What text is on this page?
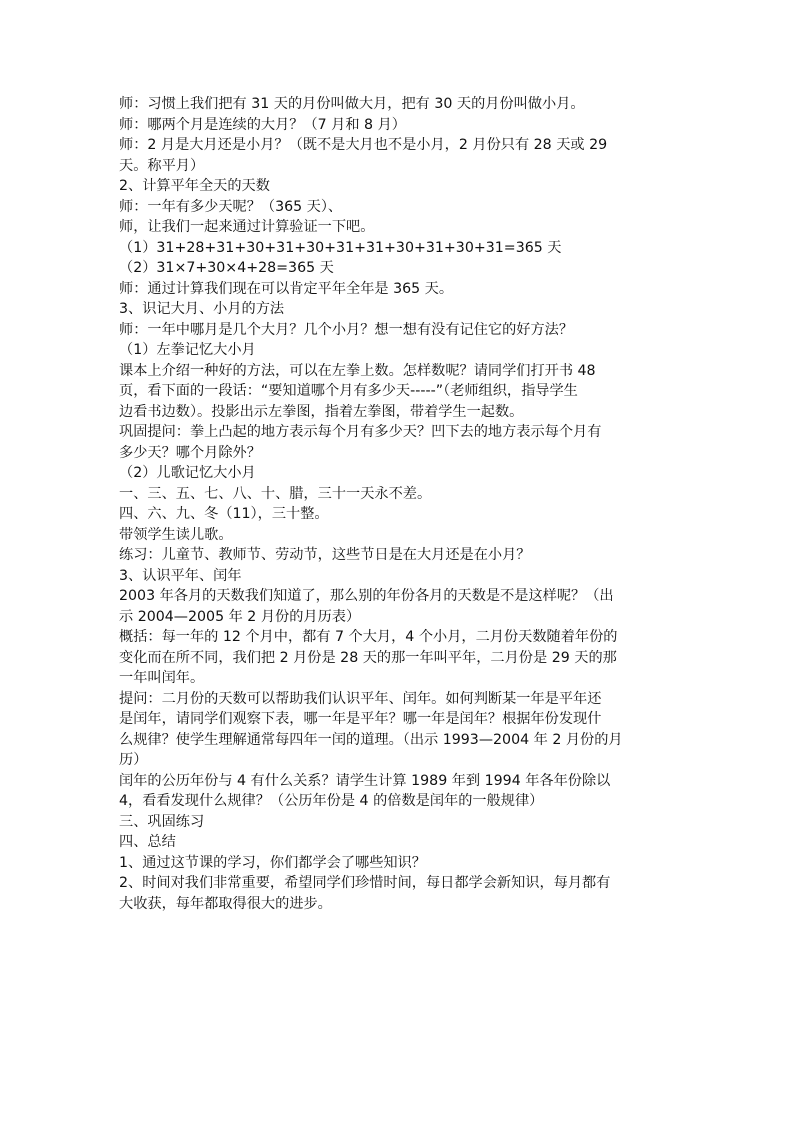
师：习惯上我们把有 31 天的月份叫做大月，把有 30 天的月份叫做小月。
师：哪两个月是连续的大月？（7 月和 8 月）
师：2 月是大月还是小月？（既不是大月也不是小月，2 月份只有 28 天或 29
天。称平月）
2、计算平年全天的天数
师：一年有多少天呢？（365 天）、
师，让我们一起来通过计算验证一下吧。
（1）31+28+31+30+31+30+31+31+30+31+30+31=365 天
（2）31×7+30×4+28=365 天
师：通过计算我们现在可以肯定平年全年是 365 天。
3、识记大月、小月的方法
师：一年中哪月是几个大月？几个小月？想一想有没有记住它的好方法？
（1）左拳记忆大小月
课本上介绍一种好的方法，可以在左拳上数。怎样数呢？请同学们打开书 48
页，看下面的一段话：“要知道哪个月有多少天-----”（老师组织，指导学生
边看书边数）。投影出示左拳图，指着左拳图，带着学生一起数。
巩固提问：拳上凸起的地方表示每个月有多少天？凹下去的地方表示每个月有
多少天？哪个月除外？
（2）儿歌记忆大小月
一、三、五、七、八、十、腊，三十一天永不差。
四、六、九、冬（11），三十整。
带领学生读儿歌。
练习：儿童节、教师节、劳动节，这些节日是在大月还是在小月？
3、认识平年、闰年
2003 年各月的天数我们知道了，那么别的年份各月的天数是不是这样呢？（出
示 2004—2005 年 2 月份的月历表）
概括：每一年的 12 个月中，都有 7 个大月，4 个小月，二月份天数随着年份的
变化而在所不同，我们把 2 月份是 28 天的那一年叫平年，二月份是 29 天的那
一年叫闰年。
提问：二月份的天数可以帮助我们认识平年、闰年。如何判断某一年是平年还
是闰年，请同学们观察下表，哪一年是平年？哪一年是闰年？根据年份发现什
么规律？使学生理解通常每四年一闰的道理。（出示 1993—2004 年 2 月份的月
历）
闰年的公历年份与 4 有什么关系？请学生计算 1989 年到 1994 年各年份除以
4，看看发现什么规律？（公历年份是 4 的倍数是闰年的一般规律）
三、巩固练习
四、总结
1、通过这节课的学习，你们都学会了哪些知识？
2、时间对我们非常重要，希望同学们珍惜时间，每日都学会新知识，每月都有
大收获，每年都取得很大的进步。
